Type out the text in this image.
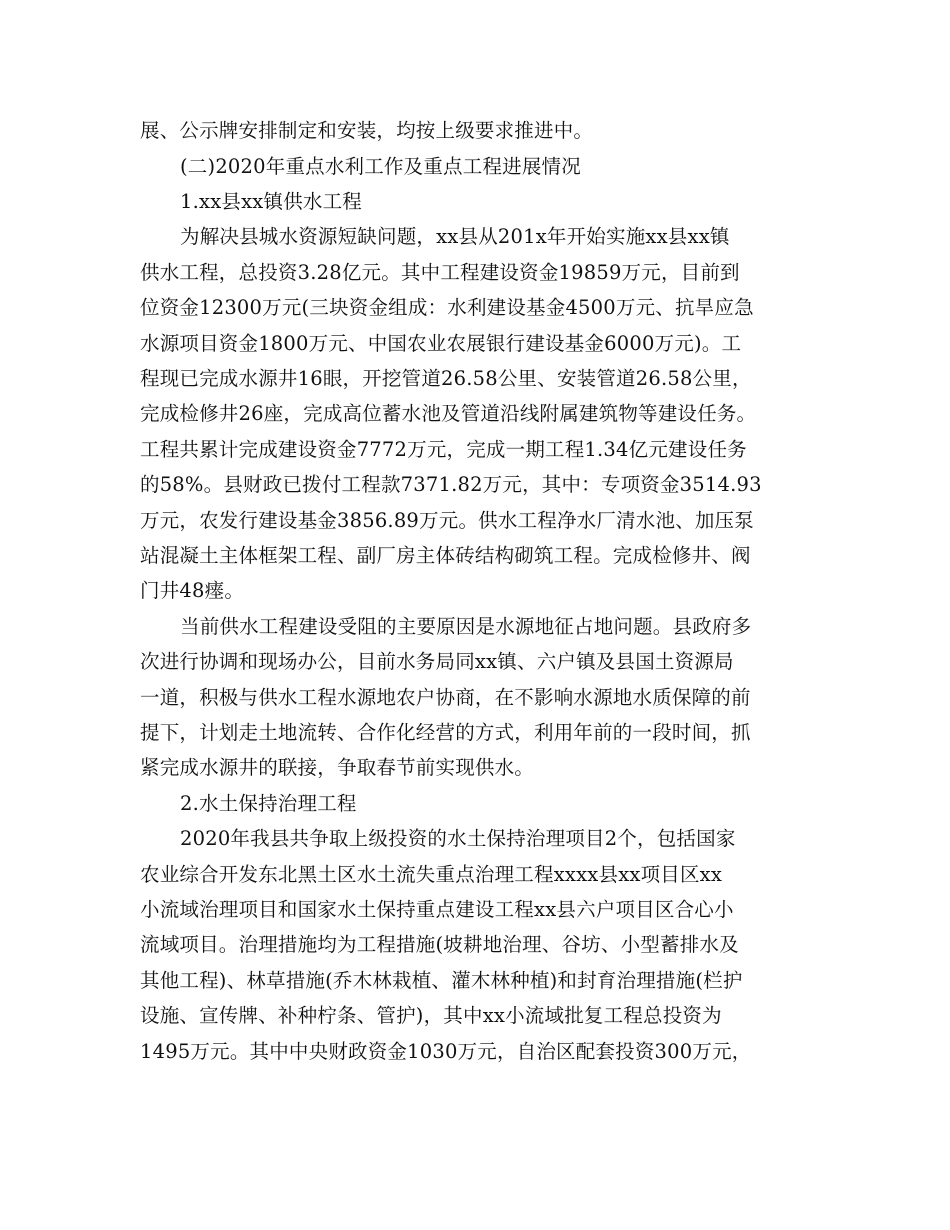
展、公示牌安排制定和安装，均按上级要求推进中。
(二)2020年重点水利工作及重点工程进展情况
1.xx县xx镇供水工程
为解决县城水资源短缺问题，xx县从201x年开始实施xx县xx镇
供水工程，总投资3.28亿元。其中工程建设资金19859万元，目前到
位资金12300万元(三块资金组成：水利建设基金4500万元、抗旱应急
水源项目资金1800万元、中国农业农展银行建设基金6000万元)。工
程现已完成水源井16眼，开挖管道26.58公里、安装管道26.58公里，
完成检修井26座，完成高位蓄水池及管道沿线附属建筑物等建设任务。
工程共累计完成建设资金7772万元，完成一期工程1.34亿元建设任务
的58%。县财政已拨付工程款7371.82万元，其中：专项资金3514.93
万元，农发行建设基金3856.89万元。供水工程净水厂清水池、加压泵
站混凝土主体框架工程、副厂房主体砖结构砌筑工程。完成检修井、阀
门井48瘗。
当前供水工程建设受阻的主要原因是水源地征占地问题。县政府多
次进行协调和现场办公，目前水务局同xx镇、六户镇及县国土资源局
一道，积极与供水工程水源地农户协商，在不影响水源地水质保障的前
提下，计划走土地流转、合作化经营的方式，利用年前的一段时间，抓
紧完成水源井的联接，争取春节前实现供水。
2.水土保持治理工程
2020年我县共争取上级投资的水土保持治理项目2个，包括国家
农业综合开发东北黑土区水土流失重点治理工程xxxx县xx项目区xx
小流域治理项目和国家水土保持重点建设工程xx县六户项目区合心小
流域项目。治理措施均为工程措施(坡耕地治理、谷坊、小型蓄排水及
其他工程)、林草措施(乔木林栽植、灌木林种植)和封育治理措施(栏护
设施、宣传牌、补种柠条、管护)，其中xx小流域批复工程总投资为
1495万元。其中中央财政资金1030万元，自治区配套投资300万元，
